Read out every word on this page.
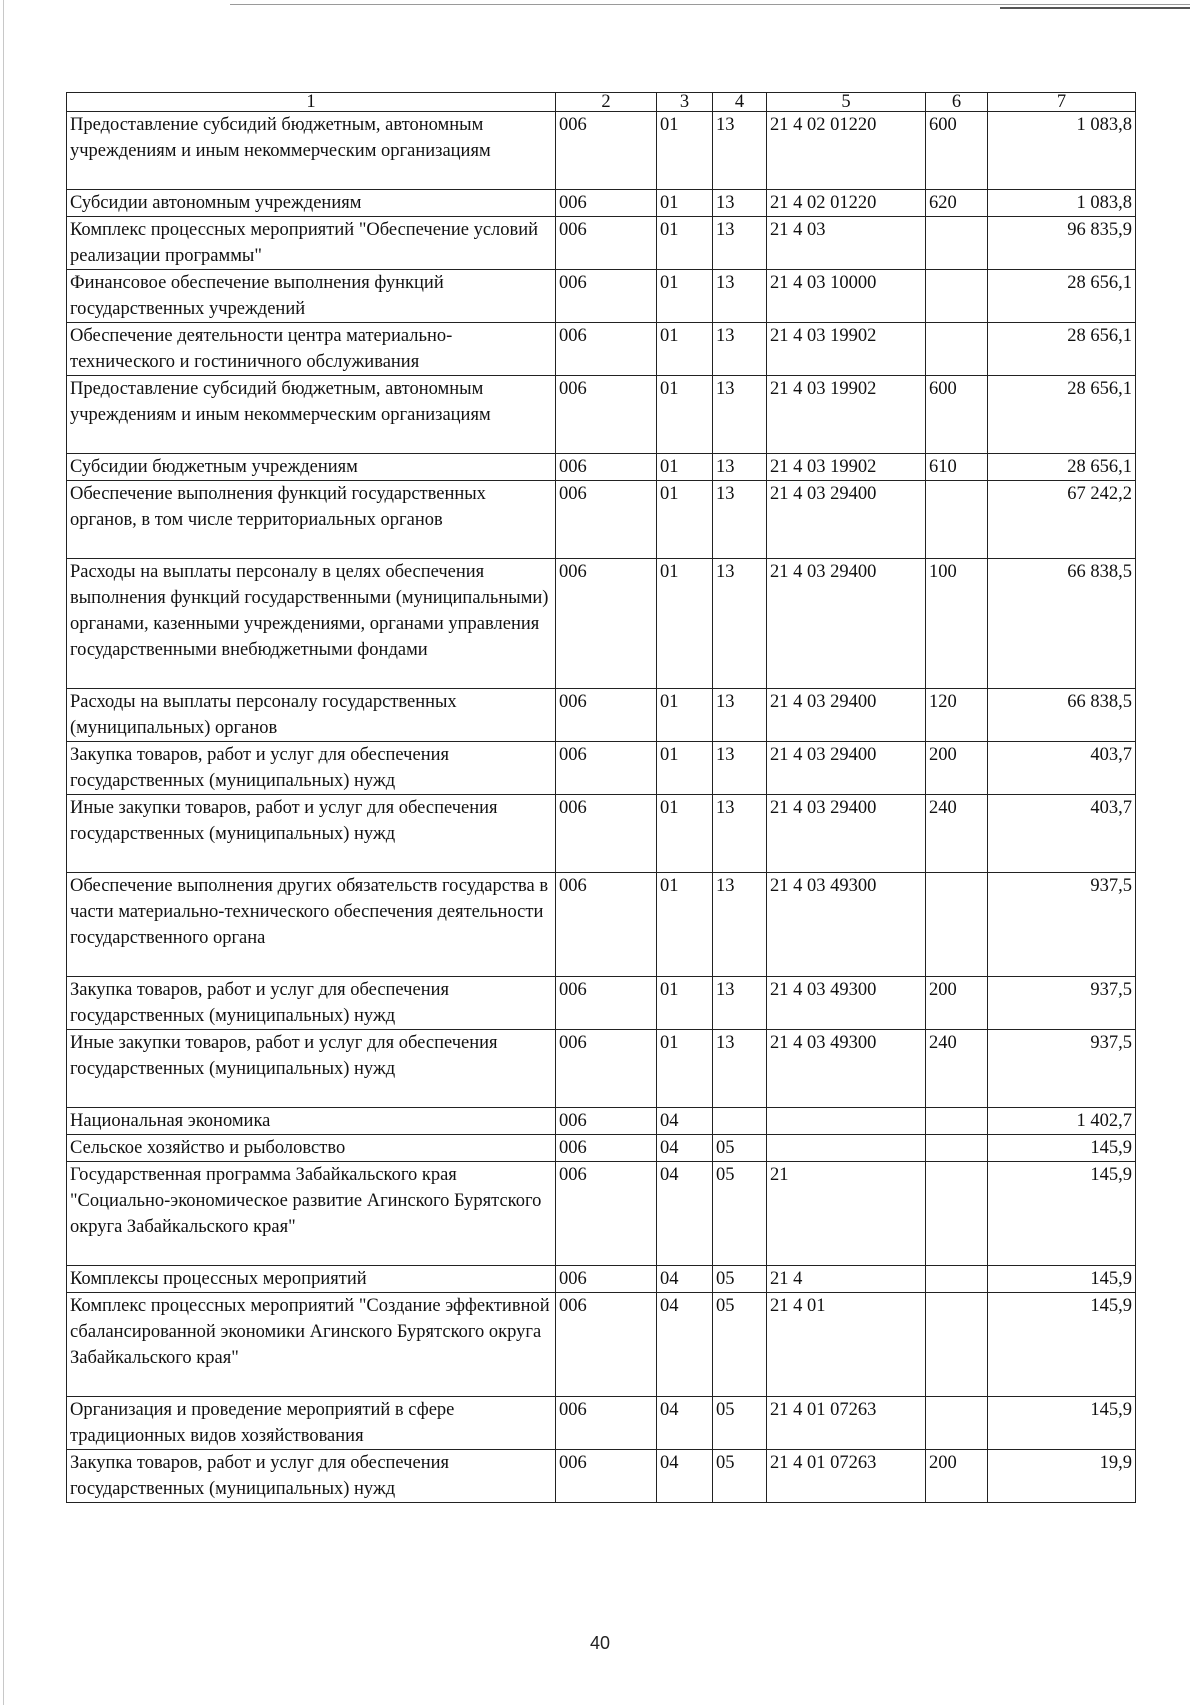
1	2	3	4	5	6	7
Предоставление субсидий бюджетным, автономным учреждениям и иным некоммерческим организациям	006	01	13	21 4 02 01220	600	1 083,8
Субсидии автономным учреждениям	006	01	13	21 4 02 01220	620	1 083,8
Комплекс процессных мероприятий "Обеспечение условий реализации программы"	006	01	13	21 4 03		96 835,9
Финансовое обеспечение выполнения функций государственных учреждений	006	01	13	21 4 03 10000		28 656,1
Обеспечение деятельности центра материально-технического и гостиничного обслуживания	006	01	13	21 4 03 19902		28 656,1
Предоставление субсидий бюджетным, автономным учреждениям и иным некоммерческим организациям	006	01	13	21 4 03 19902	600	28 656,1
Субсидии бюджетным учреждениям	006	01	13	21 4 03 19902	610	28 656,1
Обеспечение выполнения функций государственных органов, в том числе территориальных органов	006	01	13	21 4 03 29400		67 242,2
Расходы на выплаты персоналу в целях обеспечения выполнения функций государственными (муниципальными) органами, казенными учреждениями, органами управления государственными внебюджетными фондами	006	01	13	21 4 03 29400	100	66 838,5
Расходы на выплаты персоналу государственных (муниципальных) органов	006	01	13	21 4 03 29400	120	66 838,5
Закупка товаров, работ и услуг для обеспечения государственных (муниципальных) нужд	006	01	13	21 4 03 29400	200	403,7
Иные закупки товаров, работ и услуг для обеспечения государственных (муниципальных) нужд	006	01	13	21 4 03 29400	240	403,7
Обеспечение выполнения других обязательств государства в части материально-технического обеспечения деятельности государственного органа	006	01	13	21 4 03 49300		937,5
Закупка товаров, работ и услуг для обеспечения государственных (муниципальных) нужд	006	01	13	21 4 03 49300	200	937,5
Иные закупки товаров, работ и услуг для обеспечения государственных (муниципальных) нужд	006	01	13	21 4 03 49300	240	937,5
Национальная экономика	006	04				1 402,7
Сельское хозяйство и рыболовство	006	04	05			145,9
Государственная программа Забайкальского края "Социально-экономическое развитие Агинского Бурятского округа Забайкальского края"	006	04	05	21		145,9
Комплексы процессных мероприятий	006	04	05	21 4		145,9
Комплекс процессных мероприятий "Создание эффективной сбалансированной экономики Агинского Бурятского округа Забайкальского края"	006	04	05	21 4 01		145,9
Организация и проведение мероприятий в сфере традиционных видов хозяйствования	006	04	05	21 4 01 07263		145,9
Закупка товаров, работ и услуг для обеспечения государственных (муниципальных) нужд	006	04	05	21 4 01 07263	200	19,9
40
